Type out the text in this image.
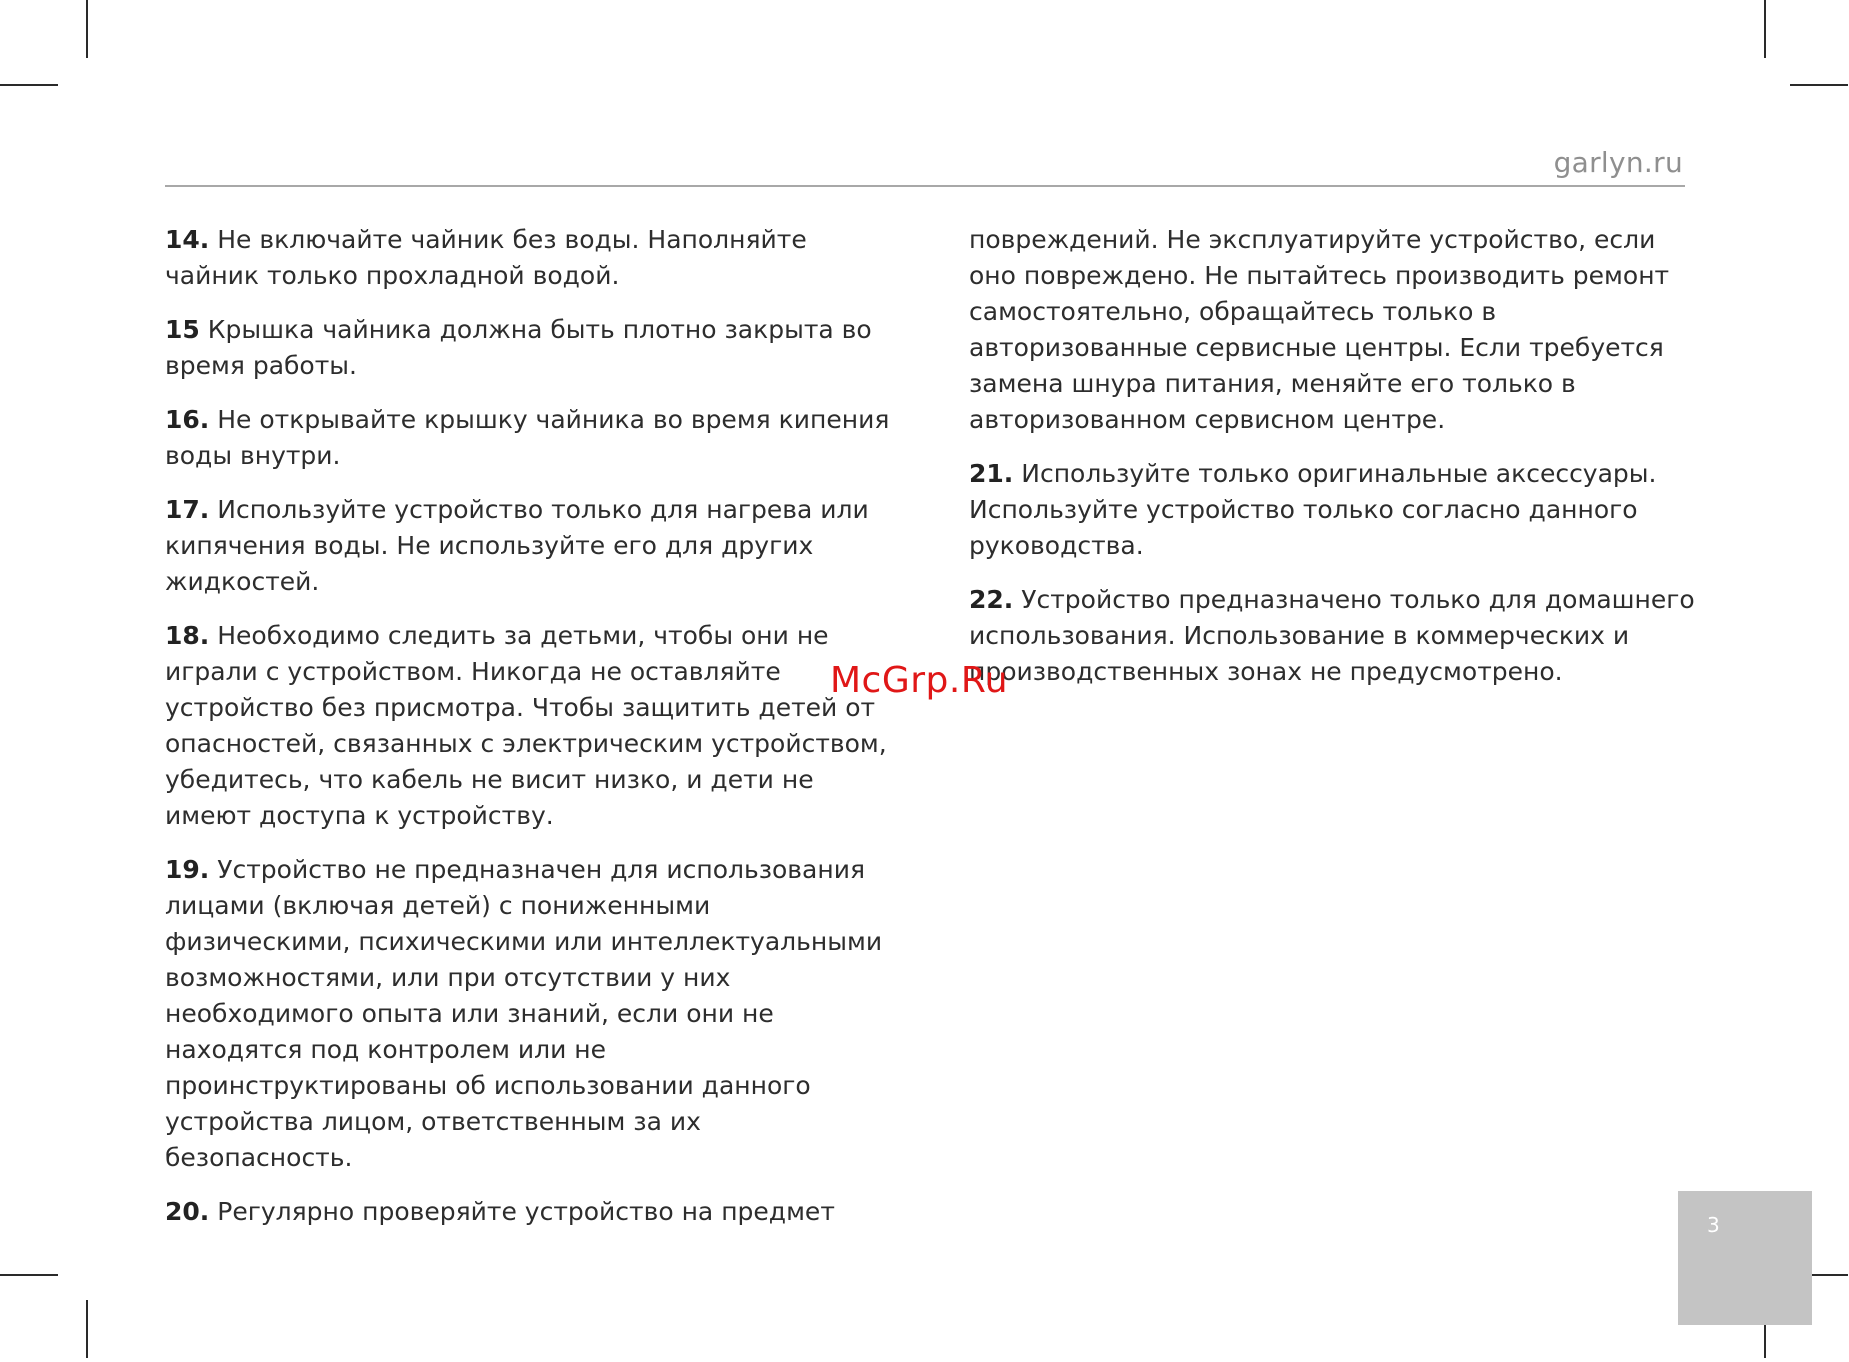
garlyn.ru

14. Не включайте чайник без воды. Наполняйте чайник только прохладной водой.

15 Крышка чайника должна быть плотно закрыта во время работы.

16. Не открывайте крышку чайника во время кипения воды внутри.

17. Используйте устройство только для нагрева или кипячения воды. Не используйте его для других жидкостей.

18. Необходимо следить за детьми, чтобы они не играли с устройством. Никогда не оставляйте устройство без присмотра. Чтобы защитить детей от опасностей, связанных с электрическим устройством, убедитесь, что кабель не висит низко, и дети не имеют доступа к устройству.

19. Устройство не предназначен для использования лицами (включая детей) с пониженными физическими, психическими или интеллектуальными возможностями, или при отсутствии у них необходимого опыта или знаний, если они не находятся под контролем или не проинструктированы об использовании данного устройства лицом, ответственным за их безопасность.

20. Регулярно проверяйте устройство на предмет

повреждений. Не эксплуатируйте устройство, если оно повреждено. Не пытайтесь производить ремонт самостоятельно, обращайтесь только в авторизованные сервисные центры. Если требуется замена шнура питания, меняйте его только в авторизованном сервисном центре.

21. Используйте только оригинальные аксессуары. Используйте устройство только согласно данного руководства.

22. Устройство предназначено только для домашнего использования. Использование в коммерческих и производственных зонах не предусмотрено.

McGrp.Ru
3
